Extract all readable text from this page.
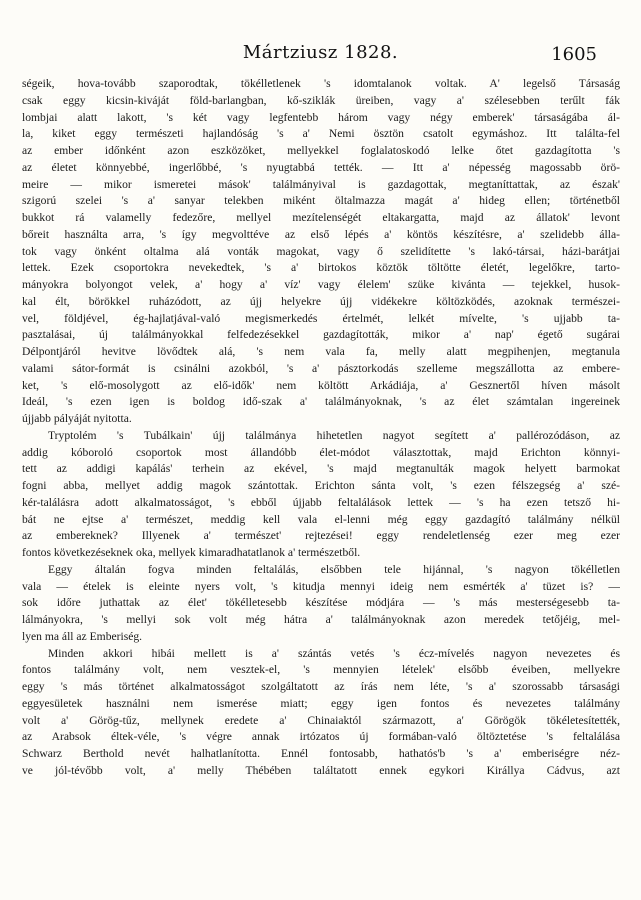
Mártziusz 1828.	1605
ségeik, hova-tovább szaporodtak, tökélletlenek 's idomtalanok voltak. A' legelső Társaság
csak eggy kicsin-kiváját föld-barlangban, kő-sziklák üreiben, vagy a' szélesebben terűlt fák
lombjai alatt lakott, 's két vagy legfentebb három vagy négy emberek' társaságába ál-
la, kiket eggy természeti hajlandóság 's a' Nemi ösztön csatolt egymáshoz. Itt találta-fel
az ember időnként azon eszközöket, mellyekkel foglalatoskodó lelke őtet gazdagította 's
az életet könnyebbé, ingerlőbbé, 's nyugtabbá tették. — Itt a' népesség magossabb örö-
meire — mikor ismeretei mások' találmányival is gazdagottak, megtaníttattak, az észak'
szigorú szelei 's a' sanyar telekben miként öltalmazza magát a' hideg ellen; történetből
bukkot rá valamelly fedezőre, mellyel mezítelenségét eltakargatta, majd az állatok' levont
bőreit használta arra, 's így megvolttéve az első lépés a' köntös készítésre, a' szelidebb álla-
tok vagy önként oltalma alá vonták magokat, vagy ő szelidítette 's lakó-társai, házi-barátjai
lettek. Ezek csoportokra nevekedtek, 's a' birtokos köztök töltötte életét, legelőkre, tarto-
mányokra bolyongot velek, a' hogy a' víz' vagy élelem' szüke kivánta — tejekkel, husok-
kal élt, börökkel ruházódott, az újj helyekre újj vidékekre költözködés, azoknak természei-
vel, földjével, ég-hajlatjával-való megismerkedés értelmét, lelkét mívelte, 's ujjabb ta-
pasztalásai, új találmányokkal felfedezésekkel gazdagították, mikor a' nap' égető sugárai
Délpontjáról hevitve lövődtek alá, 's nem vala fa, melly alatt megpihenjen, megtanula
valami sátor-formát is csinálni azokból, 's a' pásztorkodás szelleme megszállotta az embere-
ket, 's elő-mosolygott az elő-idők' nem költött Arkádiája, a' Gesznertől híven másolt
Ideál, 's ezen igen is boldog idő-szak a' találmányoknak, 's az élet számtalan ingereinek
újjabb pályáját nyitotta.
Tryptolém 's Tubálkain' újj találmánya hihetetlen nagyot segített a' pallérozódáson, az
addig kóboroló csoportok most állandóbb élet-módot választottak, majd Erichton könnyi-
tett az addigi kapálás' terhein az ekével, 's majd megtanulták magok helyett barmokat
fogni abba, mellyet addig magok szántottak. Erichton sánta volt, 's ezen félszegség a' szé-
kér-találásra adott alkalmatosságot, 's ebből újjabb feltalálások lettek — 's ha ezen tetsző hi-
bát ne ejtse a' természet, meddig kell vala el-lenni még eggy gazdagító találmány nélkül
az embereknek? Illyenek a' természet' rejtezései! eggy rendeletlenség ezer meg ezer
fontos következéseknek oka, mellyek kimaradhatatlanok a' természetből.
Eggy általán fogva minden feltalálás, elsőbben tele hijánnal, 's nagyon tökélletlen
vala — ételek is eleinte nyers volt, 's kitudja mennyi ideig nem esmérték a' tüzet is? —
sok időre juthattak az élet' tökélletesebb készítése módjára — 's más mesterségesebb ta-
lálmányokra, 's mellyi sok volt még hátra a' találmányoknak azon meredek tetőjéig, mel-
lyen ma áll az Emberiség.
Minden akkori hibái mellett is a' szántás vetés 's écz-mívelés nagyon nevezetes és
fontos találmány volt, nem vesztek-el, 's mennyien lételek' elsőbb éveiben, mellyekre
eggy 's más történet alkalmatosságot szolgáltatott az írás nem léte, 's a' szorossabb társasági
eggyesületek használni nem ismerése miatt; eggy igen fontos és nevezetes találmány
volt a' Görög-tűz, mellynek eredete a' Chinaiaktól származott, a' Görögök tökéletesítették,
az Arabsok éltek-véle, 's végre annak irtózatos új formában-való öltöztetése 's feltalálása
Schwarz Berthold nevét halhatlanította. Ennél fontosabb, hathatós'b 's a' emberiségre néz-
ve jól-tévőbb volt, a' melly Thébében találtatott ennek egykori Királlya Cádvus, azt
